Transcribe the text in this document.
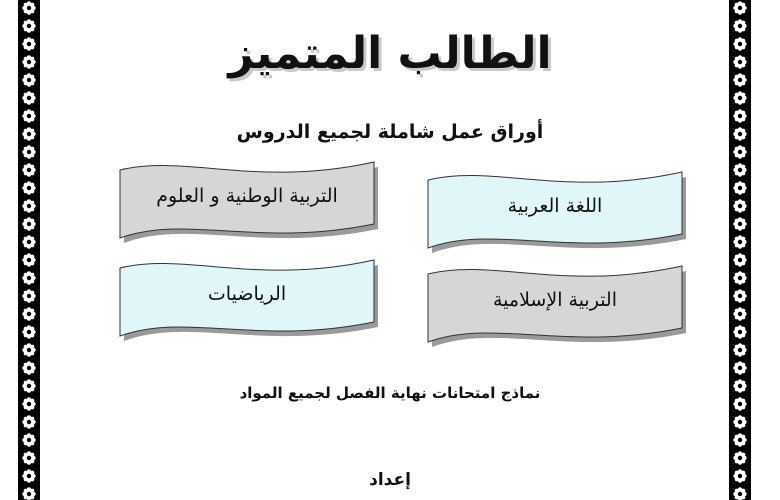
الطالب المتميز
أوراق عمل شاملة لجميع الدروس
اللغة العربية
التربية الوطنية و العلوم
الرياضيات	التربية الإسلامية
نماذج امتحانات نهاية الفصل لجميع المواد
إعداد
